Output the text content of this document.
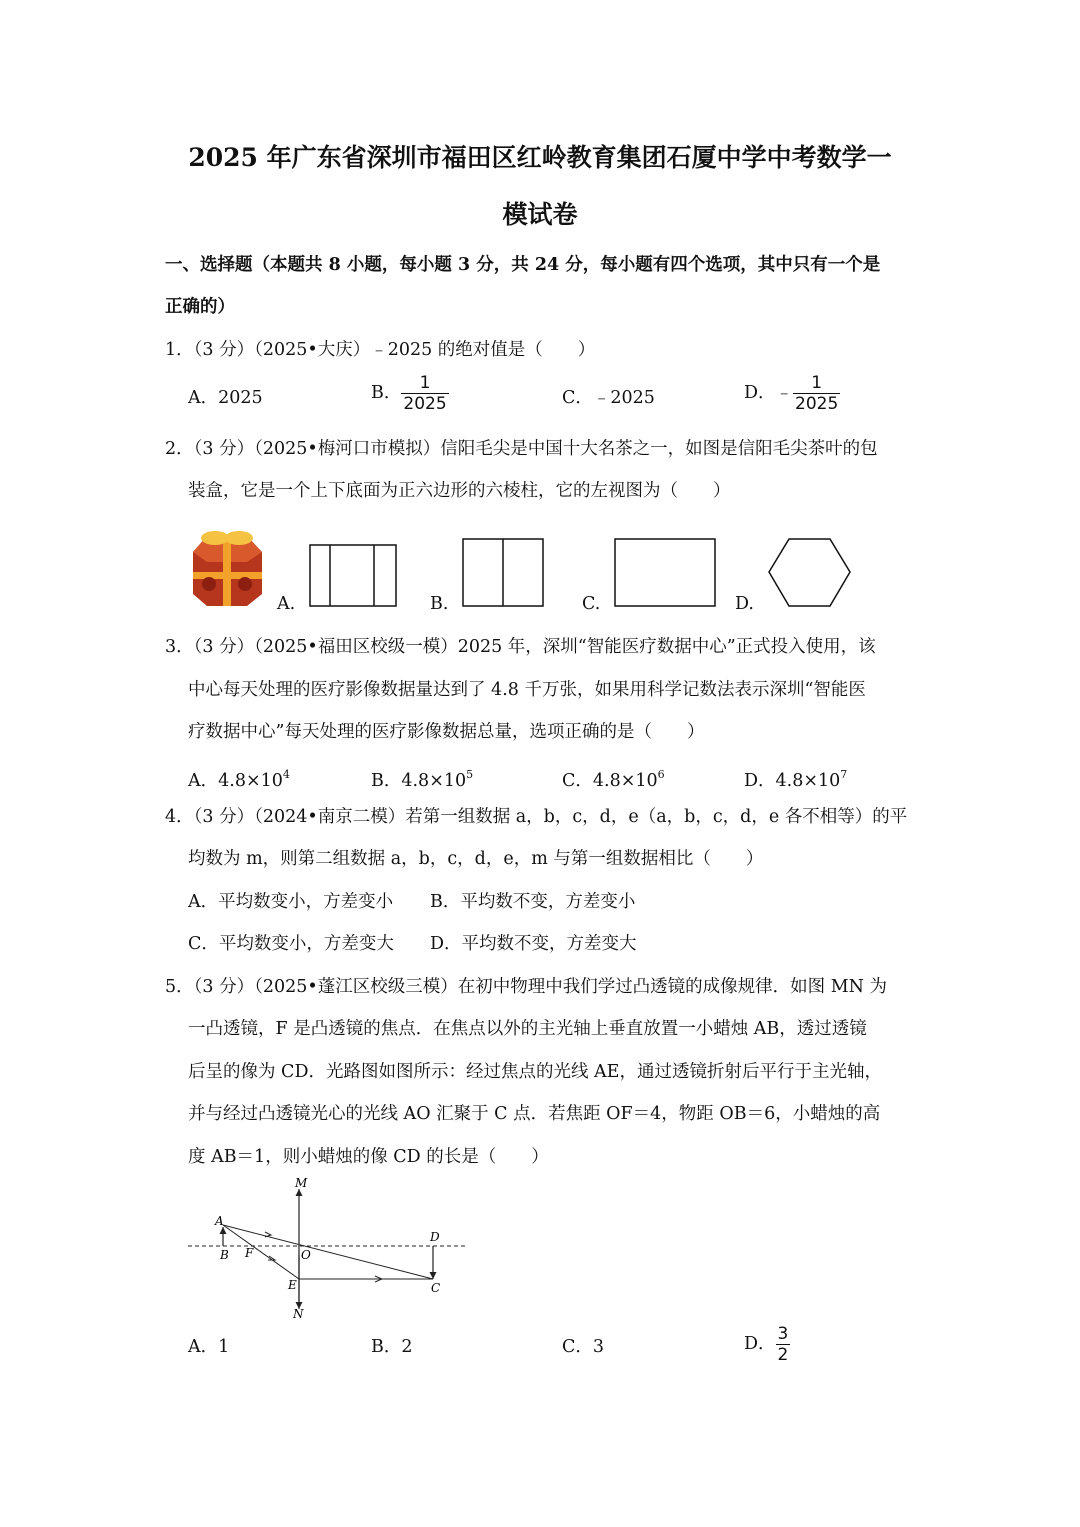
2025 年广东省深圳市福田区红岭教育集团石厦中学中考数学一
模试卷
一、选择题（本题共 8 小题，每小题 3 分，共 24 分，每小题有四个选项，其中只有一个是
正确的）
1．（3 分）（2025•大庆）﹣2025 的绝对值是（　　）
A．2025	B． $\frac{1}{2025}$	C．﹣2025	D．﹣ $\frac{1}{2025}$
2．（3 分）（2025•梅河口市模拟）信阳毛尖是中国十大名茶之一，如图是信阳毛尖茶叶的包
装盒，它是一个上下底面为正六边形的六棱柱，它的左视图为（　　）
A.	B.	C.	D.
3．（3 分）（2025•福田区校级一模）2025 年，深圳“智能医疗数据中心”正式投入使用，该
中心每天处理的医疗影像数据量达到了 4.8 千万张，如果用科学记数法表示深圳“智能医
疗数据中心”每天处理的医疗影像数据总量，选项正确的是（　　）
A．$4.8\times 10^4$	B．$4.8\times 10^5$	C．$4.8\times 10^6$	D．$4.8\times 10^7$
4．（3 分）（2024•南京二模）若第一组数据 a，b，c，d，e（a，b，c，d，e 各不相等）的平
均数为 m，则第二组数据 a，b，c，d，e，m 与第一组数据相比（　　）
A．平均数变小，方差变小 B．平均数不变，方差变小
C．平均数变小，方差变大 D．平均数不变，方差变大
5．（3 分）（2025•蓬江区校级三模）在初中物理中我们学过凸透镜的成像规律．如图 MN 为
一凸透镜，F 是凸透镜的焦点．在焦点以外的主光轴上垂直放置一小蜡烛 AB，透过透镜
后呈的像为 CD．光路图如图所示：经过焦点的光线 AE，通过透镜折射后平行于主光轴，
并与经过凸透镜光心的光线 AO 汇聚于 C 点．若焦距 OF＝4，物距 OB＝6，小蜡烛的高
度 AB＝1，则小蜡烛的像 CD 的长是（　　）
M
N
A
B F	O
E
D
C
A．1	B．2	C．3	D． $\frac{3}{2}$
